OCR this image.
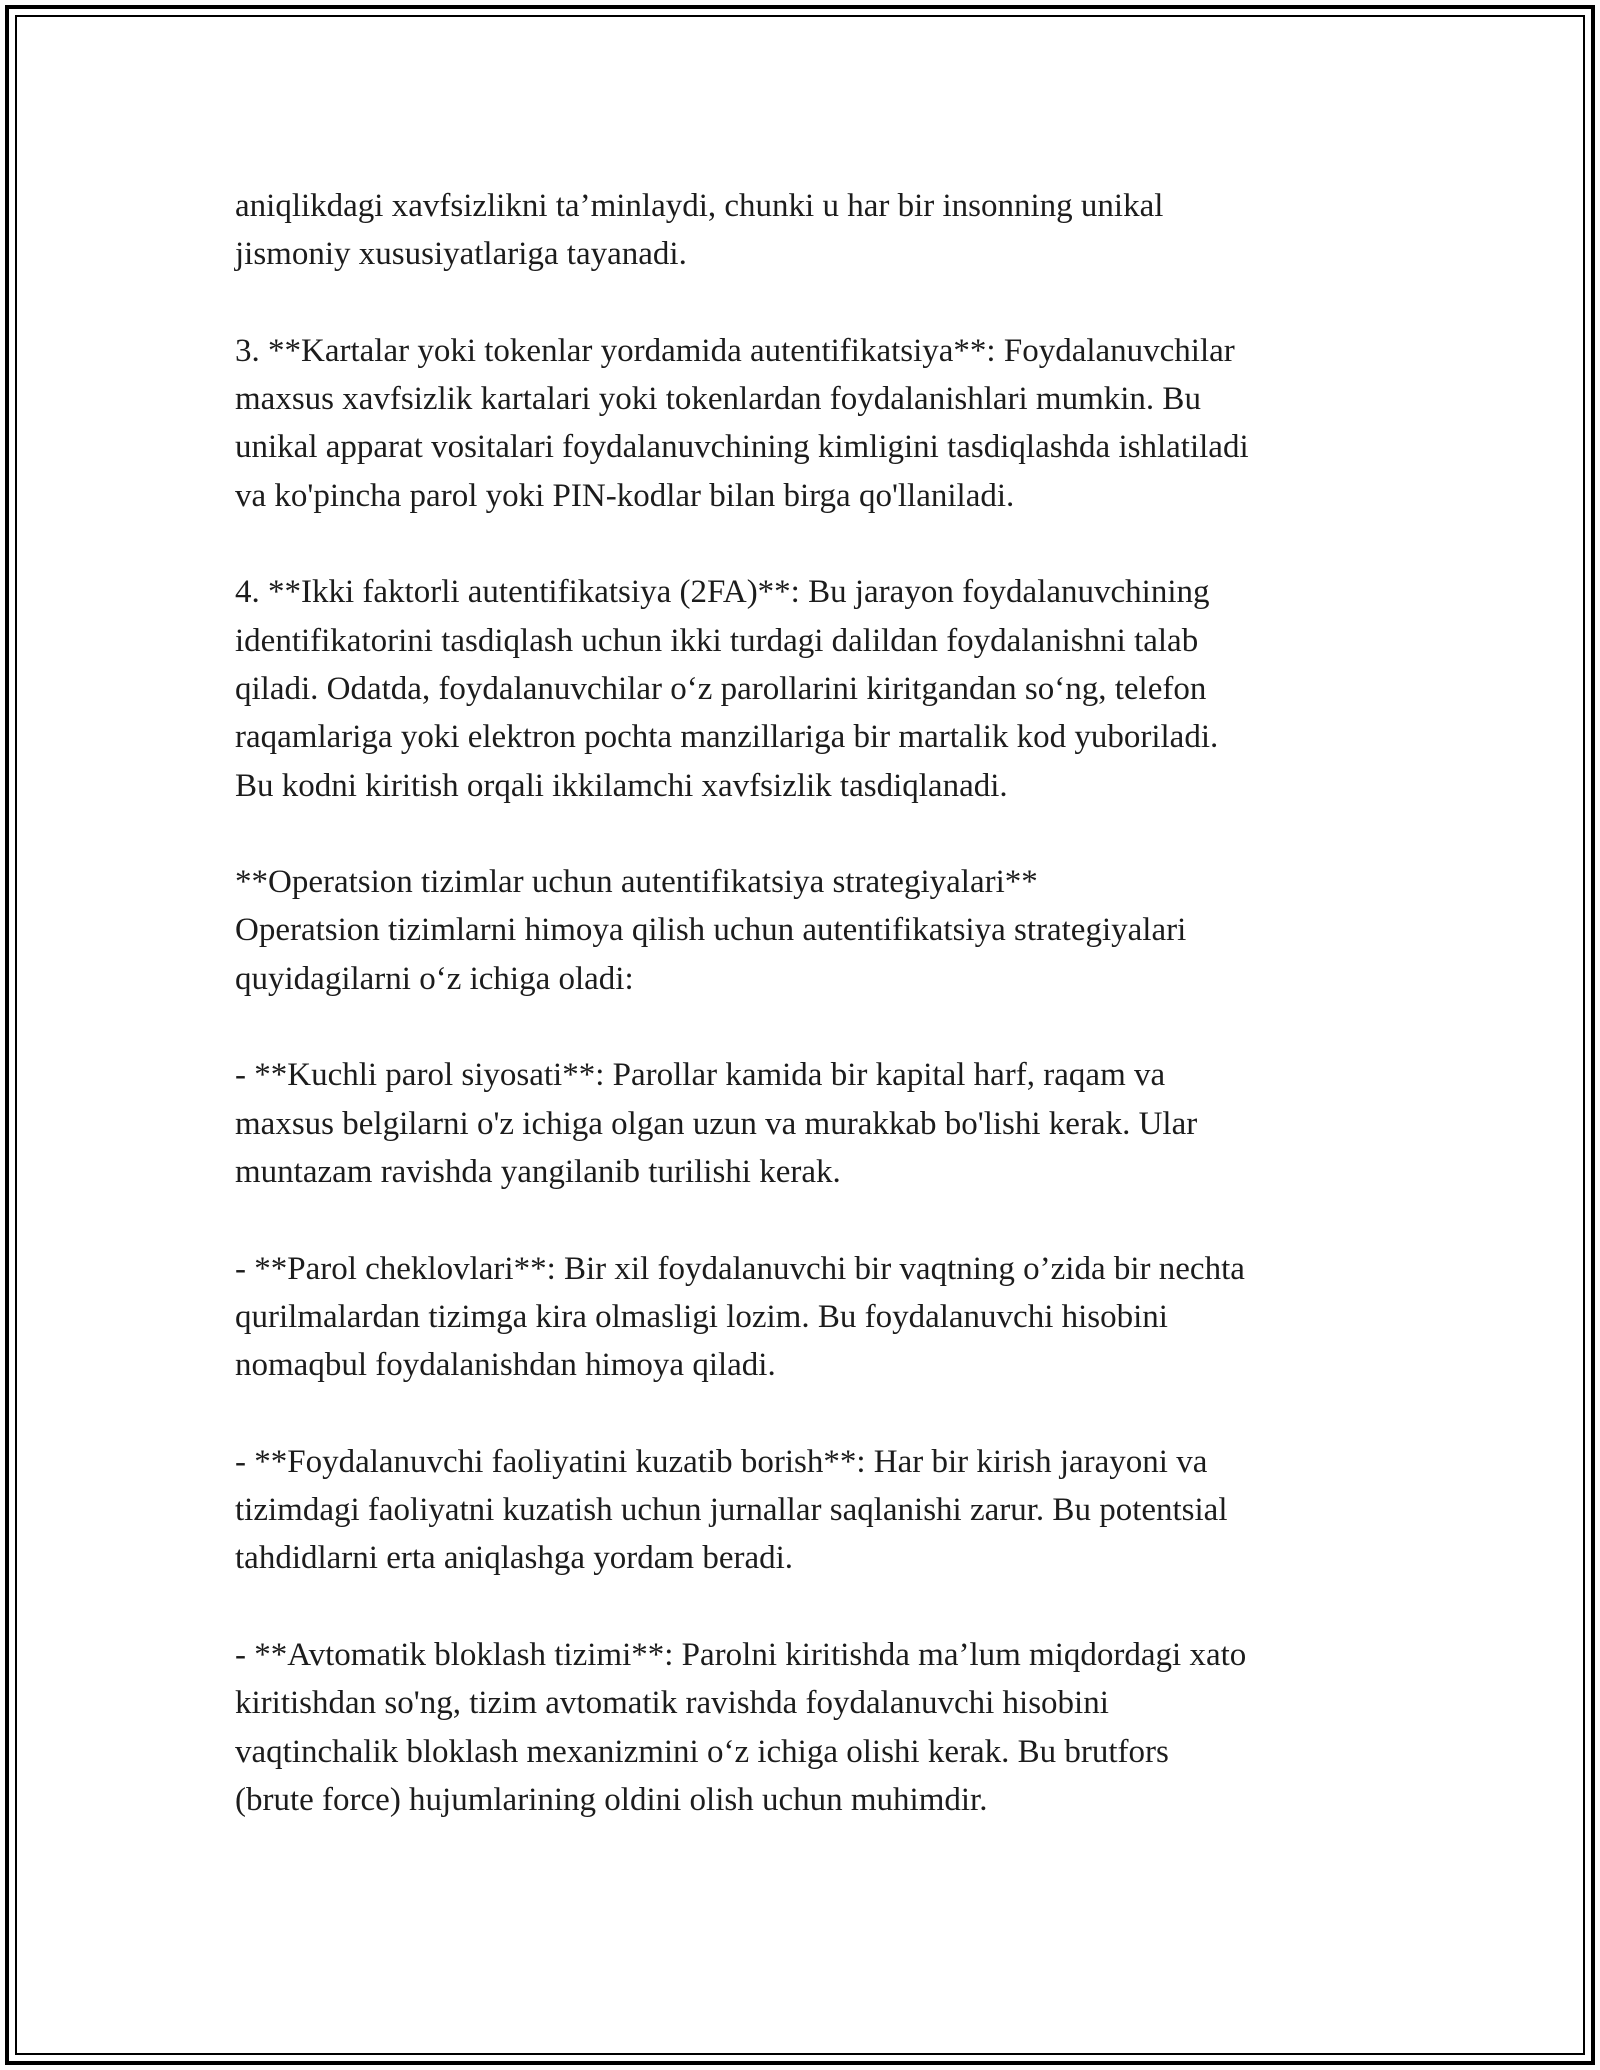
aniqlikdagi xavfsizlikni ta’minlaydi, chunki u har bir insonning unikal
jismoniy xususiyatlariga tayanadi.
3. **Kartalar yoki tokenlar yordamida autentifikatsiya**: Foydalanuvchilar
maxsus xavfsizlik kartalari yoki tokenlardan foydalanishlari mumkin. Bu
unikal apparat vositalari foydalanuvchining kimligini tasdiqlashda ishlatiladi
va ko'pincha parol yoki PIN-kodlar bilan birga qo'llaniladi.
4. **Ikki faktorli autentifikatsiya (2FA)**: Bu jarayon foydalanuvchining
identifikatorini tasdiqlash uchun ikki turdagi dalildan foydalanishni talab
qiladi. Odatda, foydalanuvchilar o‘z parollarini kiritgandan so‘ng, telefon
raqamlariga yoki elektron pochta manzillariga bir martalik kod yuboriladi.
Bu kodni kiritish orqali ikkilamchi xavfsizlik tasdiqlanadi.
**Operatsion tizimlar uchun autentifikatsiya strategiyalari**
Operatsion tizimlarni himoya qilish uchun autentifikatsiya strategiyalari
quyidagilarni o‘z ichiga oladi:
- **Kuchli parol siyosati**: Parollar kamida bir kapital harf, raqam va
maxsus belgilarni o'z ichiga olgan uzun va murakkab bo'lishi kerak. Ular
muntazam ravishda yangilanib turilishi kerak.
- **Parol cheklovlari**: Bir xil foydalanuvchi bir vaqtning o’zida bir nechta
qurilmalardan tizimga kira olmasligi lozim. Bu foydalanuvchi hisobini
nomaqbul foydalanishdan himoya qiladi.
- **Foydalanuvchi faoliyatini kuzatib borish**: Har bir kirish jarayoni va
tizimdagi faoliyatni kuzatish uchun jurnallar saqlanishi zarur. Bu potentsial
tahdidlarni erta aniqlashga yordam beradi.
- **Avtomatik bloklash tizimi**: Parolni kiritishda ma’lum miqdordagi xato
kiritishdan so'ng, tizim avtomatik ravishda foydalanuvchi hisobini
vaqtinchalik bloklash mexanizmini o‘z ichiga olishi kerak. Bu brutfors
(brute force) hujumlarining oldini olish uchun muhimdir.
